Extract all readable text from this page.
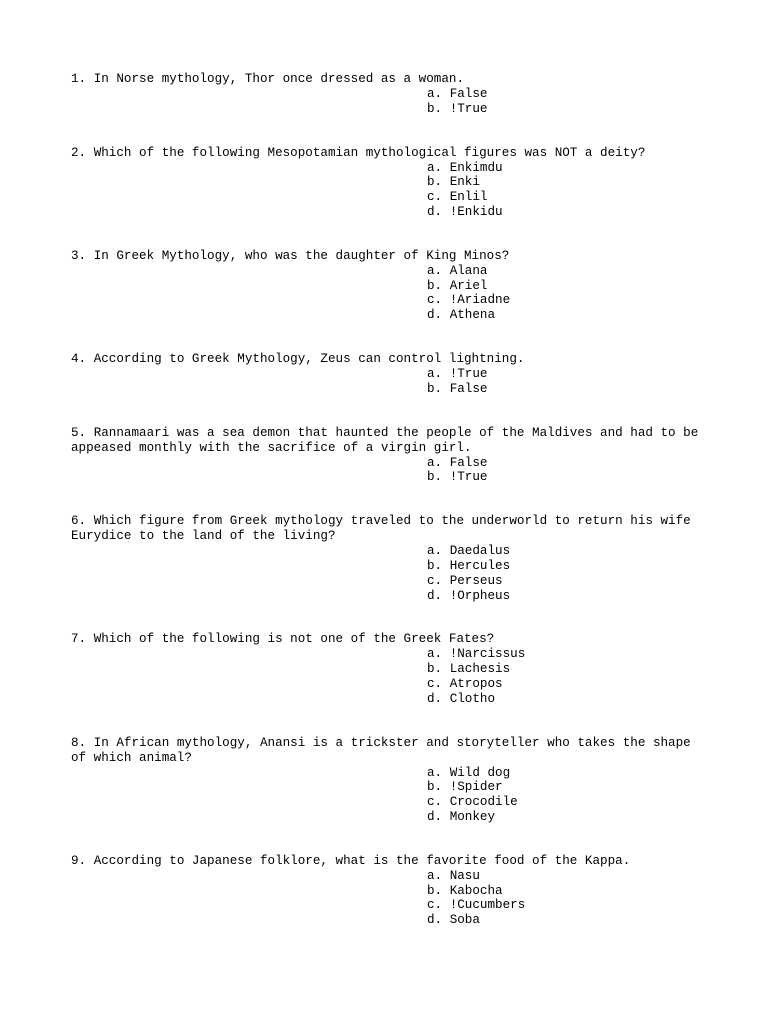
1. In Norse mythology, Thor once dressed as a woman.

a. False
b. !True

2. Which of the following Mesopotamian mythological figures was NOT a deity?

a. Enkimdu
b. Enki
c. Enlil
d. !Enkidu

3. In Greek Mythology, who was the daughter of King Minos?

a. Alana
b. Ariel
c. !Ariadne
d. Athena

4. According to Greek Mythology, Zeus can control lightning.

a. !True
b. False

5. Rannamaari was a sea demon that haunted the people of the Maldives and had to be
appeased monthly with the sacrifice of a virgin girl.

a. False
b. !True

6. Which figure from Greek mythology traveled to the underworld to return his wife
Eurydice to the land of the living?

a. Daedalus
b. Hercules
c. Perseus
d. !Orpheus

7. Which of the following is not one of the Greek Fates?

a. !Narcissus
b. Lachesis
c. Atropos
d. Clotho

8. In African mythology, Anansi is a trickster and storyteller who takes the shape
of which animal?

a. Wild dog
b. !Spider
c. Crocodile
d. Monkey

9. According to Japanese folklore, what is the favorite food of the Kappa.

a. Nasu
b. Kabocha
c. !Cucumbers
d. Soba
